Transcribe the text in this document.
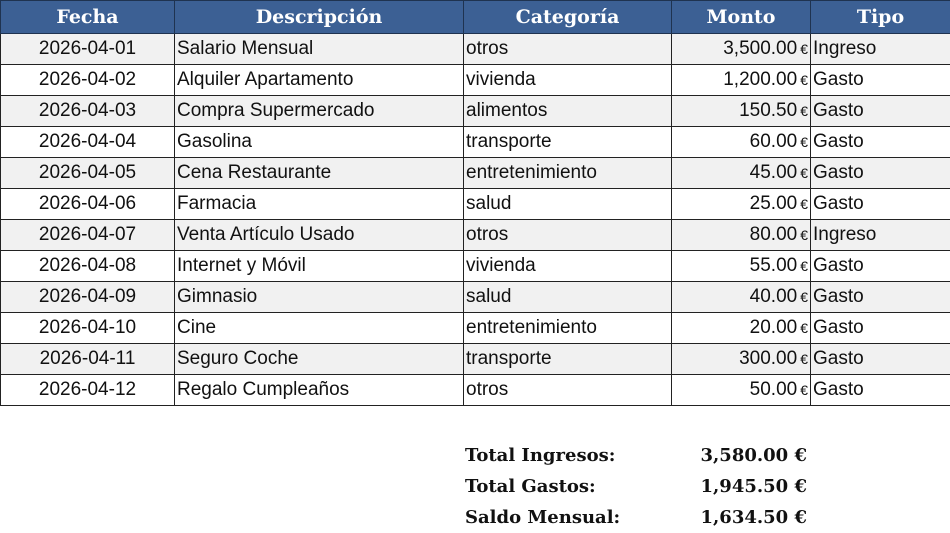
Fecha	Descripción	Categoría	Monto	Tipo
2026-04-01	Salario Mensual	otros	3,500.00 €	Ingreso
2026-04-02	Alquiler Apartamento	vivienda	1,200.00 €	Gasto
2026-04-03	Compra Supermercado	alimentos	150.50 €	Gasto
2026-04-04	Gasolina	transporte	60.00 €	Gasto
2026-04-05	Cena Restaurante	entretenimiento	45.00 €	Gasto
2026-04-06	Farmacia	salud	25.00 €	Gasto
2026-04-07	Venta Artículo Usado	otros	80.00 €	Ingreso
2026-04-08	Internet y Móvil	vivienda	55.00 €	Gasto
2026-04-09	Gimnasio	salud	40.00 €	Gasto
2026-04-10	Cine	entretenimiento	20.00 €	Gasto
2026-04-11	Seguro Coche	transporte	300.00 €	Gasto
2026-04-12	Regalo Cumpleaños	otros	50.00 €	Gasto
Total Ingresos:	3,580.00 €
Total Gastos:	1,945.50 €
Saldo Mensual:	1,634.50 €
